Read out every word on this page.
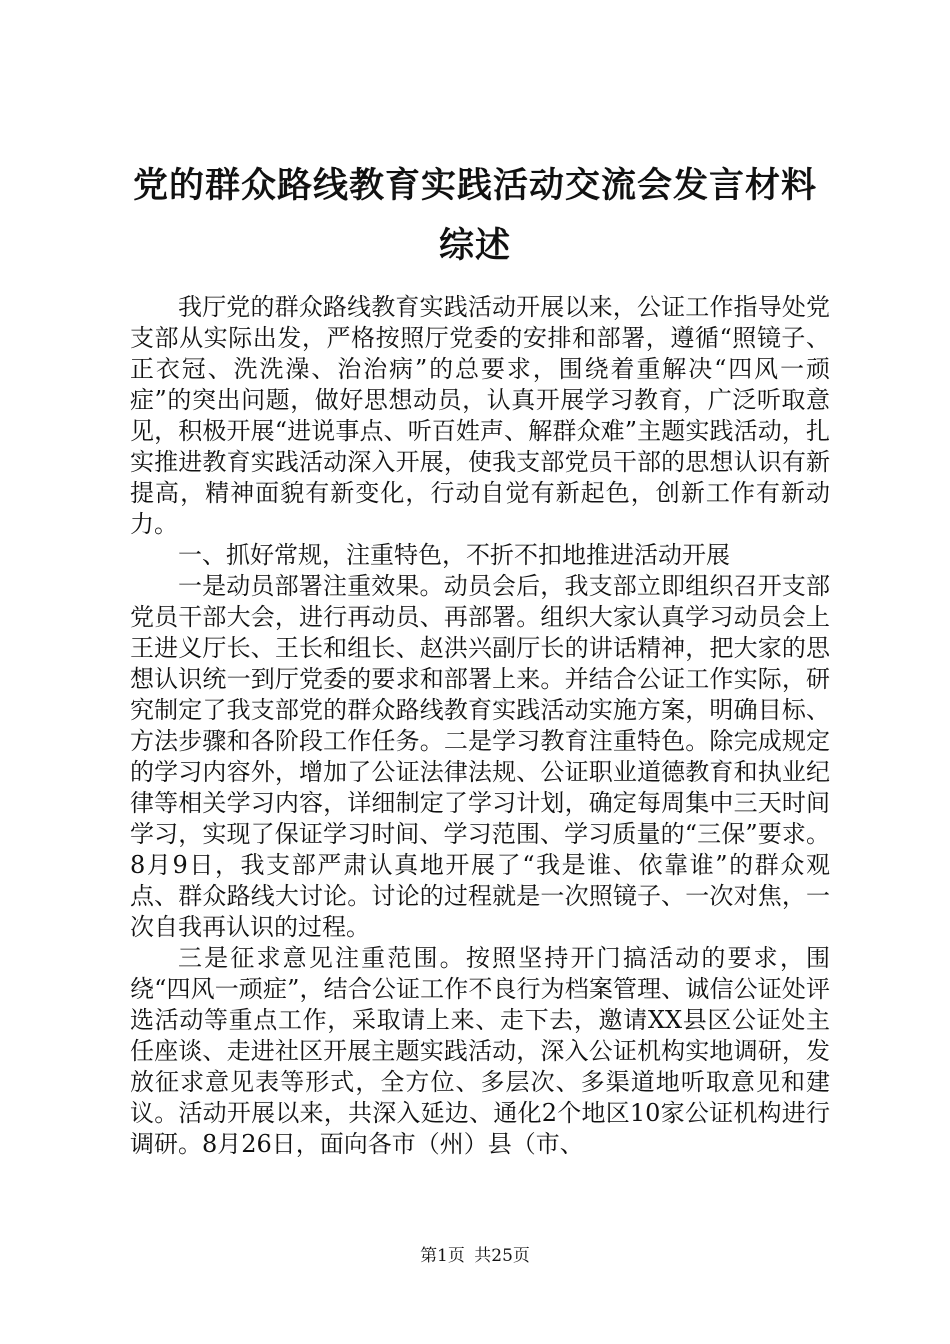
党的群众路线教育实践活动交流会发言材料综述

我厅党的群众路线教育实践活动开展以来，公证工作指导处党支部从实际出发，严格按照厅党委的安排和部署，遵循“照镜子、正衣冠、洗洗澡、治治病”的总要求，围绕着重解决“四风一顽症”的突出问题，做好思想动员，认真开展学习教育，广泛听取意见，积极开展“进说事点、听百姓声、解群众难”主题实践活动，扎实推进教育实践活动深入开展，使我支部党员干部的思想认识有新提高，精神面貌有新变化，行动自觉有新起色，创新工作有新动力。

一、抓好常规，注重特色，不折不扣地推进活动开展

一是动员部署注重效果。动员会后，我支部立即组织召开支部党员干部大会，进行再动员、再部署。组织大家认真学习动员会上王进义厅长、王长和组长、赵洪兴副厅长的讲话精神，把大家的思想认识统一到厅党委的要求和部署上来。并结合公证工作实际，研究制定了我支部党的群众路线教育实践活动实施方案，明确目标、方法步骤和各阶段工作任务。二是学习教育注重特色。除完成规定的学习内容外，增加了公证法律法规、公证职业道德教育和执业纪律等相关学习内容，详细制定了学习计划，确定每周集中三天时间学习，实现了保证学习时间、学习范围、学习质量的“三保”要求。8月9日，我支部严肃认真地开展了“我是谁、依靠谁”的群众观点、群众路线大讨论。讨论的过程就是一次照镜子、一次对焦，一次自我再认识的过程。

三是征求意见注重范围。按照坚持开门搞活动的要求，围绕“四风一顽症”，结合公证工作不良行为档案管理、诚信公证处评选活动等重点工作，采取请上来、走下去，邀请XX县区公证处主任座谈、走进社区开展主题实践活动，深入公证机构实地调研，发放征求意见表等形式，全方位、多层次、多渠道地听取意见和建议。活动开展以来，共深入延边、通化2个地区10家公证机构进行调研。8月26日，面向各市（州）县（市、

第1页 共25页
